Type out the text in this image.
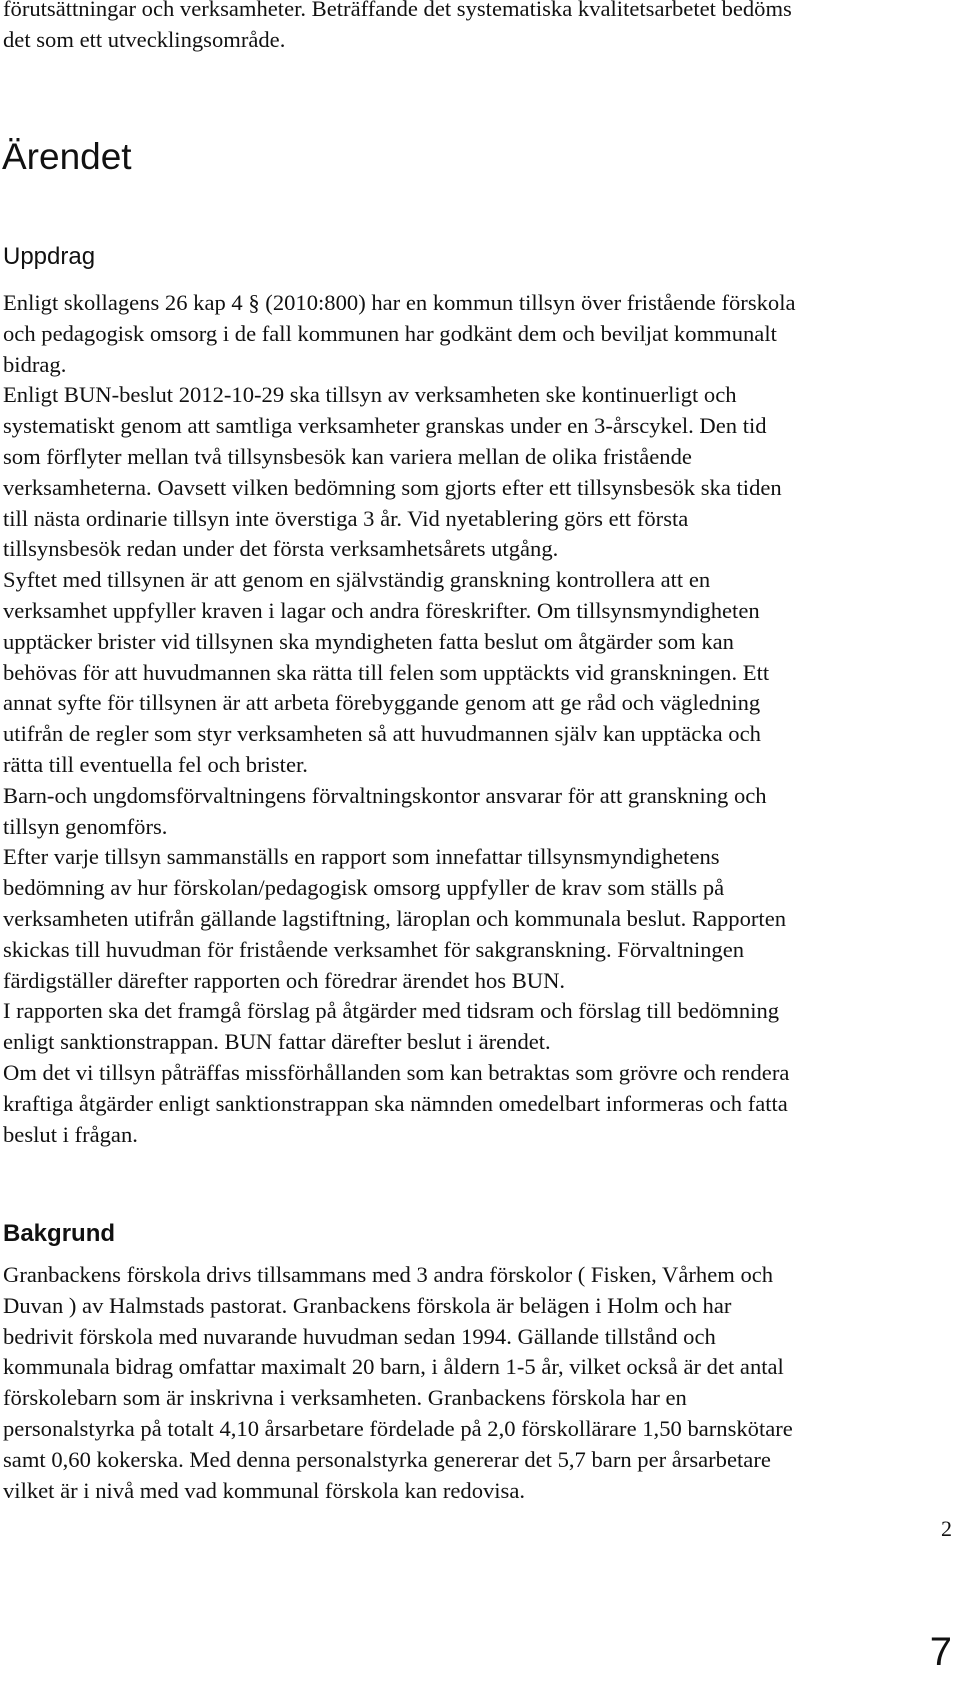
förutsättningar och verksamheter. Beträffande det systematiska kvalitetsarbetet bedöms
det som ett utvecklingsområde.
Ärendet
Uppdrag
Enligt skollagens 26 kap 4 § (2010:800) har en kommun tillsyn över fristående förskola
och pedagogisk omsorg i de fall kommunen har godkänt dem och beviljat kommunalt
bidrag.
Enligt BUN-beslut 2012-10-29 ska tillsyn av verksamheten ske kontinuerligt och
systematiskt genom att samtliga verksamheter granskas under en 3-årscykel. Den tid
som förflyter mellan två tillsynsbesök kan variera mellan de olika fristående
verksamheterna. Oavsett vilken bedömning som gjorts efter ett tillsynsbesök ska tiden
till nästa ordinarie tillsyn inte överstiga 3 år. Vid nyetablering görs ett första
tillsynsbesök redan under det första verksamhetsårets utgång.
Syftet med tillsynen är att genom en självständig granskning kontrollera att en
verksamhet uppfyller kraven i lagar och andra föreskrifter. Om tillsynsmyndigheten
upptäcker brister vid tillsynen ska myndigheten fatta beslut om åtgärder som kan
behövas för att huvudmannen ska rätta till felen som upptäckts vid granskningen. Ett
annat syfte för tillsynen är att arbeta förebyggande genom att ge råd och vägledning
utifrån de regler som styr verksamheten så att huvudmannen själv kan upptäcka och
rätta till eventuella fel och brister.
Barn-och ungdomsförvaltningens förvaltningskontor ansvarar för att granskning och
tillsyn genomförs.
Efter varje tillsyn sammanställs en rapport som innefattar tillsynsmyndighetens
bedömning av hur förskolan/pedagogisk omsorg uppfyller de krav som ställs på
verksamheten utifrån gällande lagstiftning, läroplan och kommunala beslut. Rapporten
skickas till huvudman för fristående verksamhet för sakgranskning. Förvaltningen
färdigställer därefter rapporten och föredrar ärendet hos BUN.
I rapporten ska det framgå förslag på åtgärder med tidsram och förslag till bedömning
enligt sanktionstrappan. BUN fattar därefter beslut i ärendet.
Om det vi tillsyn påträffas missförhållanden som kan betraktas som grövre och rendera
kraftiga åtgärder enligt sanktionstrappan ska nämnden omedelbart informeras och fatta
beslut i frågan.
Bakgrund
Granbackens förskola drivs tillsammans med 3 andra förskolor ( Fisken, Vårhem och
Duvan ) av Halmstads pastorat. Granbackens förskola är belägen i Holm och har
bedrivit förskola med nuvarande huvudman sedan 1994. Gällande tillstånd och
kommunala bidrag omfattar maximalt 20 barn, i åldern 1-5 år, vilket också är det antal
förskolebarn som är inskrivna i verksamheten. Granbackens förskola har en
personalstyrka på totalt 4,10 årsarbetare fördelade på 2,0 förskollärare 1,50 barnskötare
samt 0,60 kokerska. Med denna personalstyrka genererar det 5,7 barn per årsarbetare
vilket är i nivå med vad kommunal förskola kan redovisa.
2
7
